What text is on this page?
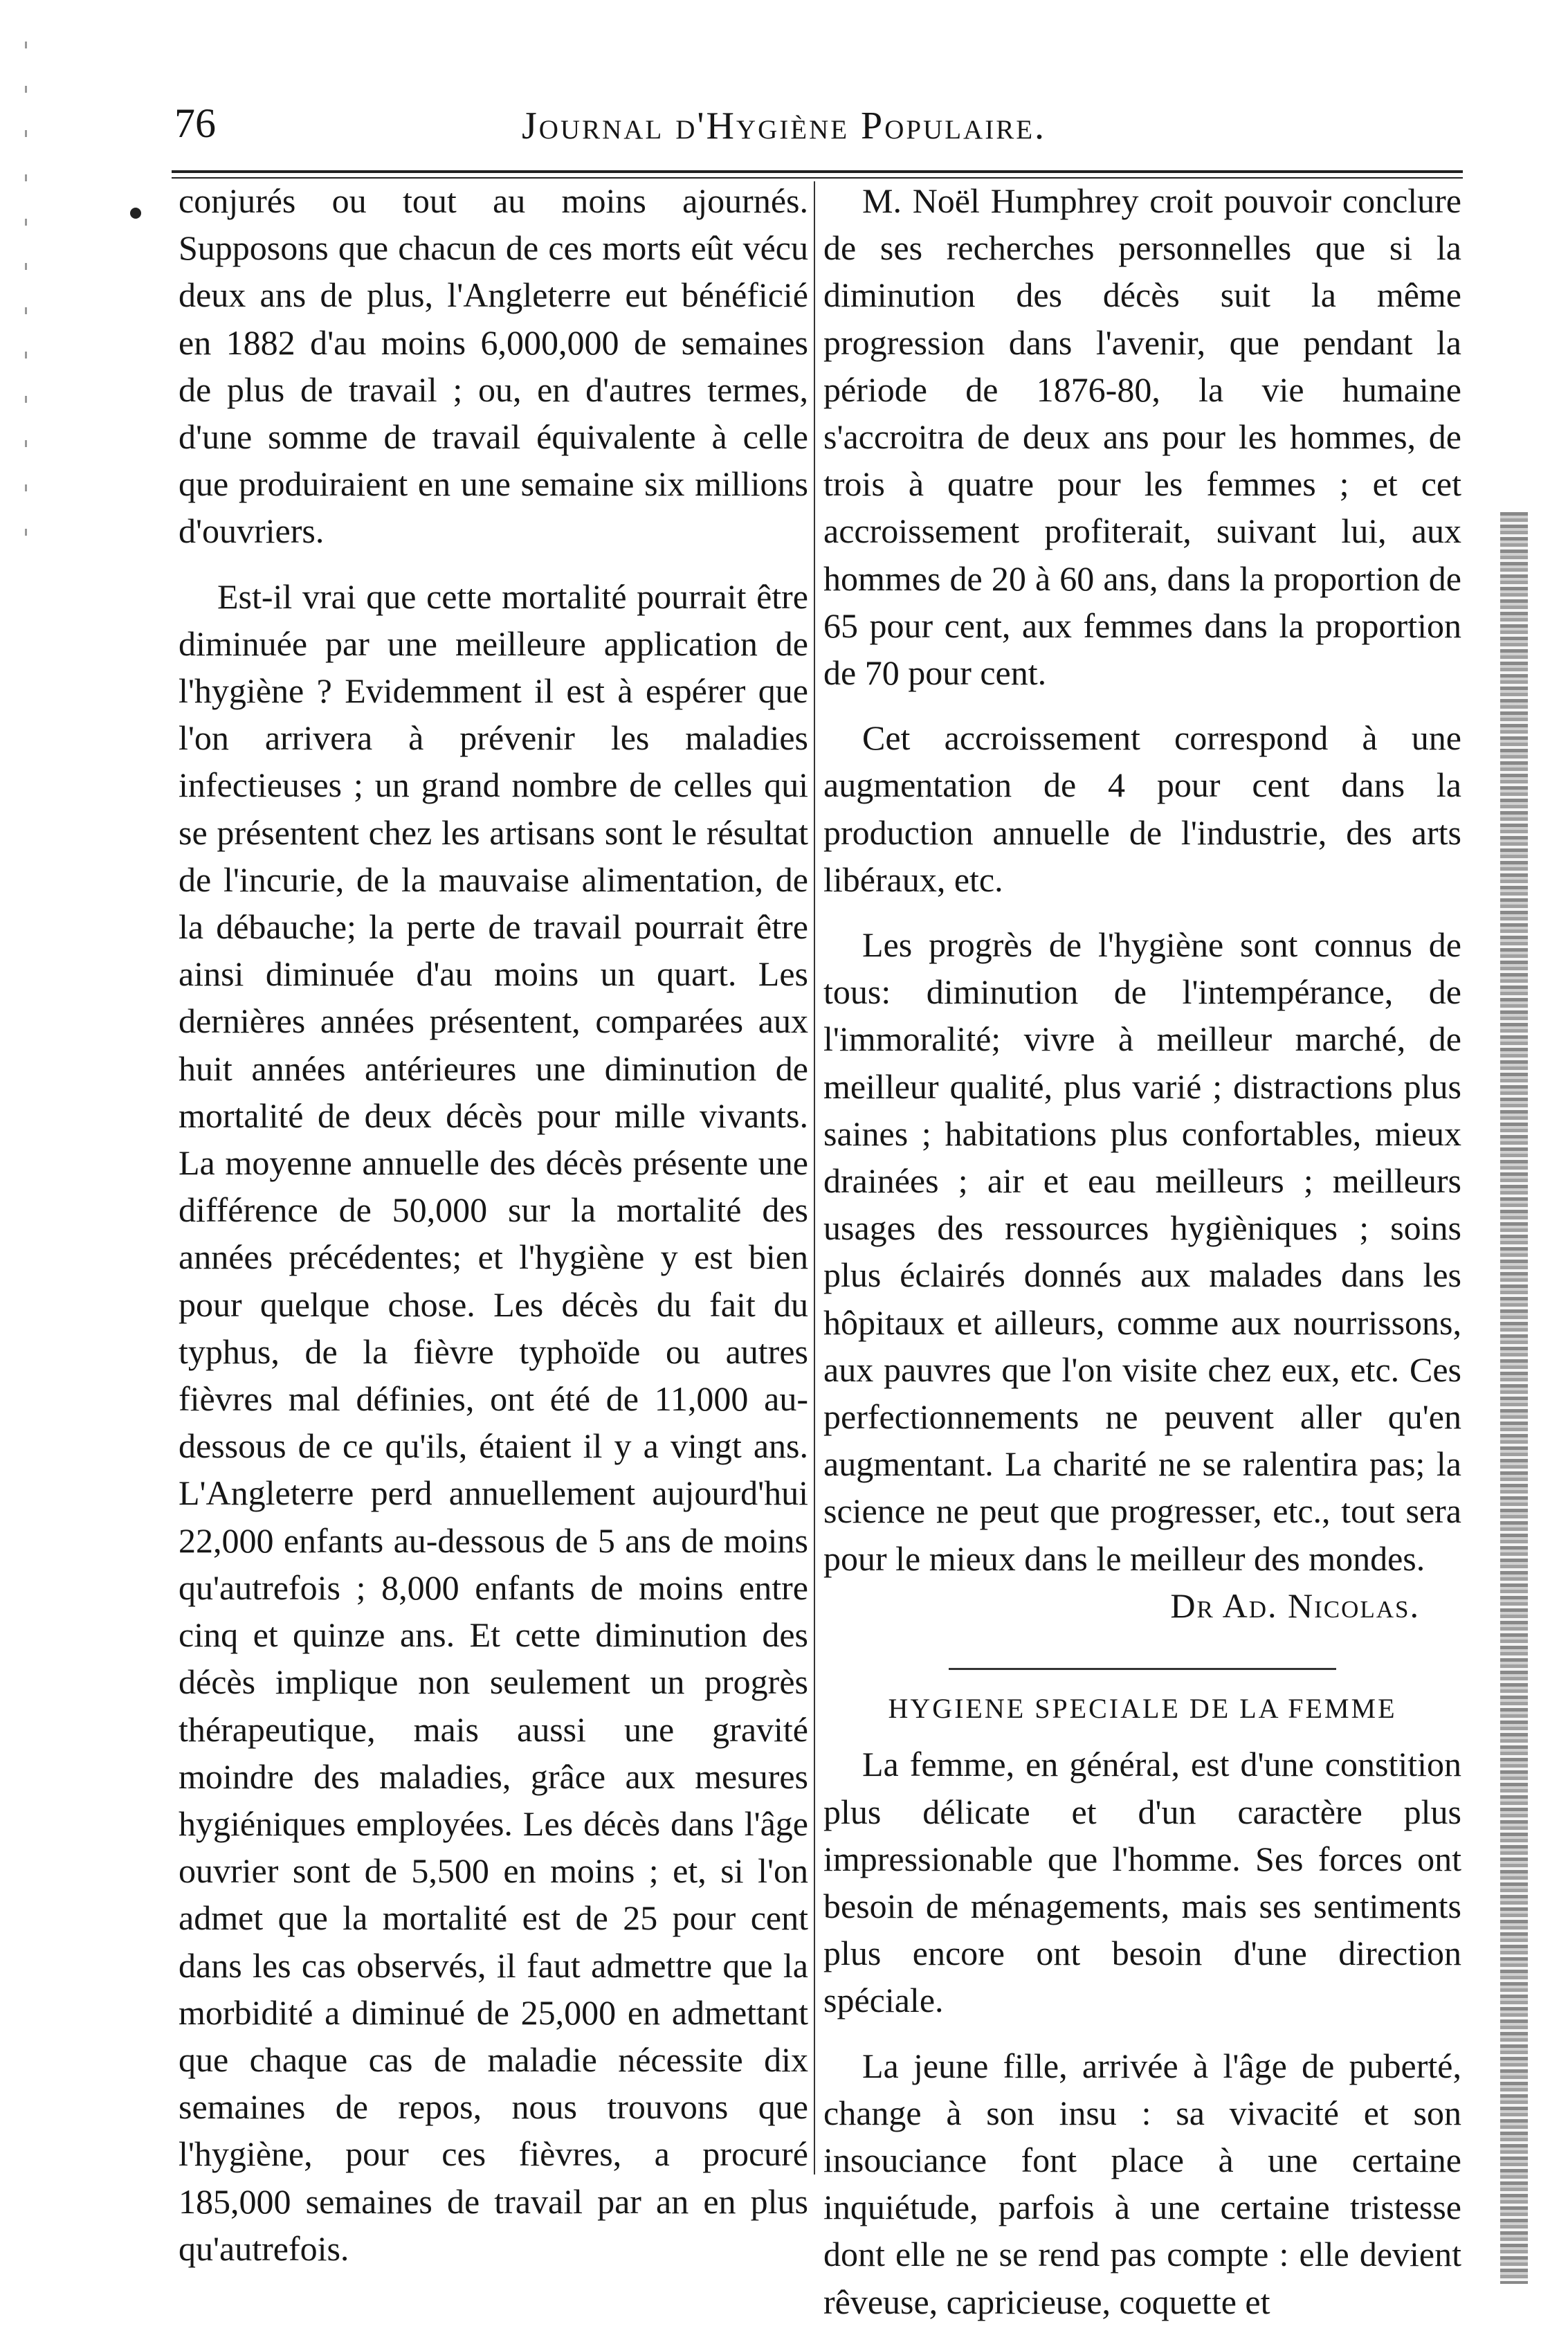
76	Journal d'Hygiène Populaire.

conjurés ou tout au moins ajournés. Supposons que chacun de ces morts eût vécu deux ans de plus, l'Angleterre eut bénéficié en 1882 d'au moins 6,000,000 de semaines de plus de travail ; ou, en d'autres termes, d'une somme de travail équivalente à celle que produiraient en une semaine six millions d'ouvriers.

Est-il vrai que cette mortalité pourrait être diminuée par une meilleure application de l'hygiène ? Evidemment il est à espérer que l'on arrivera à prévenir les maladies infectieuses ; un grand nombre de celles qui se présentent chez les artisans sont le résultat de l'incurie, de la mauvaise alimentation, de la débauche; la perte de travail pourrait être ainsi diminuée d'au moins un quart. Les dernières années présentent, comparées aux huit années antérieures une diminution de mortalité de deux décès pour mille vivants. La moyenne annuelle des décès présente une différence de 50,000 sur la mortalité des années précédentes; et l'hygiène y est bien pour quelque chose. Les décès du fait du typhus, de la fièvre typhoïde ou autres fièvres mal définies, ont été de 11,000 au-dessous de ce qu'ils, étaient il y a vingt ans. L'Angleterre perd annuellement aujourd'hui 22,000 enfants au-dessous de 5 ans de moins qu'autrefois ; 8,000 enfants de moins entre cinq et quinze ans. Et cette diminution des décès implique non seulement un progrès thérapeutique, mais aussi une gravité moindre des maladies, grâce aux mesures hygiéniques employées. Les décès dans l'âge ouvrier sont de 5,500 en moins ; et, si l'on admet que la mortalité est de 25 pour cent dans les cas observés, il faut admettre que la morbidité a diminué de 25,000 en admettant que chaque cas de maladie nécessite dix semaines de repos, nous trouvons que l'hygiène, pour ces fièvres, a procuré 185,000 semaines de travail par an en plus qu'autrefois.

M. Noël Humphrey croit pouvoir conclure de ses recherches personnelles que si la diminution des décès suit la même progression dans l'avenir, que pendant la période de 1876-80, la vie humaine s'accroitra de deux ans pour les hommes, de trois à quatre pour les femmes ; et cet accroissement profiterait, suivant lui, aux hommes de 20 à 60 ans, dans la proportion de 65 pour cent, aux femmes dans la proportion de 70 pour cent.

Cet accroissement correspond à une augmentation de 4 pour cent dans la production annuelle de l'industrie, des arts libéraux, etc.

Les progrès de l'hygiène sont connus de tous: diminution de l'intempérance, de l'immoralité; vivre à meilleur marché, de meilleur qualité, plus varié ; distractions plus saines ; habitations plus confortables, mieux drainées ; air et eau meilleurs ; meilleurs usages des ressources hygièniques ; soins plus éclairés donnés aux malades dans les hôpitaux et ailleurs, comme aux nourrissons, aux pauvres que l'on visite chez eux, etc. Ces perfectionnements ne peuvent aller qu'en augmentant. La charité ne se ralentira pas; la science ne peut que progresser, etc., tout sera pour le mieux dans le meilleur des mondes.

Dr Ad. Nicolas.

HYGIENE SPECIALE DE LA FEMME

La femme, en général, est d'une constition plus délicate et d'un caractère plus impressionable que l'homme. Ses forces ont besoin de ménagements, mais ses sentiments plus encore ont besoin d'une direction spéciale.

La jeune fille, arrivée à l'âge de puberté, change à son insu : sa vivacité et son insouciance font place à une certaine inquiétude, parfois à une certaine tristesse dont elle ne se rend pas compte : elle devient rêveuse, capricieuse, coquette et
